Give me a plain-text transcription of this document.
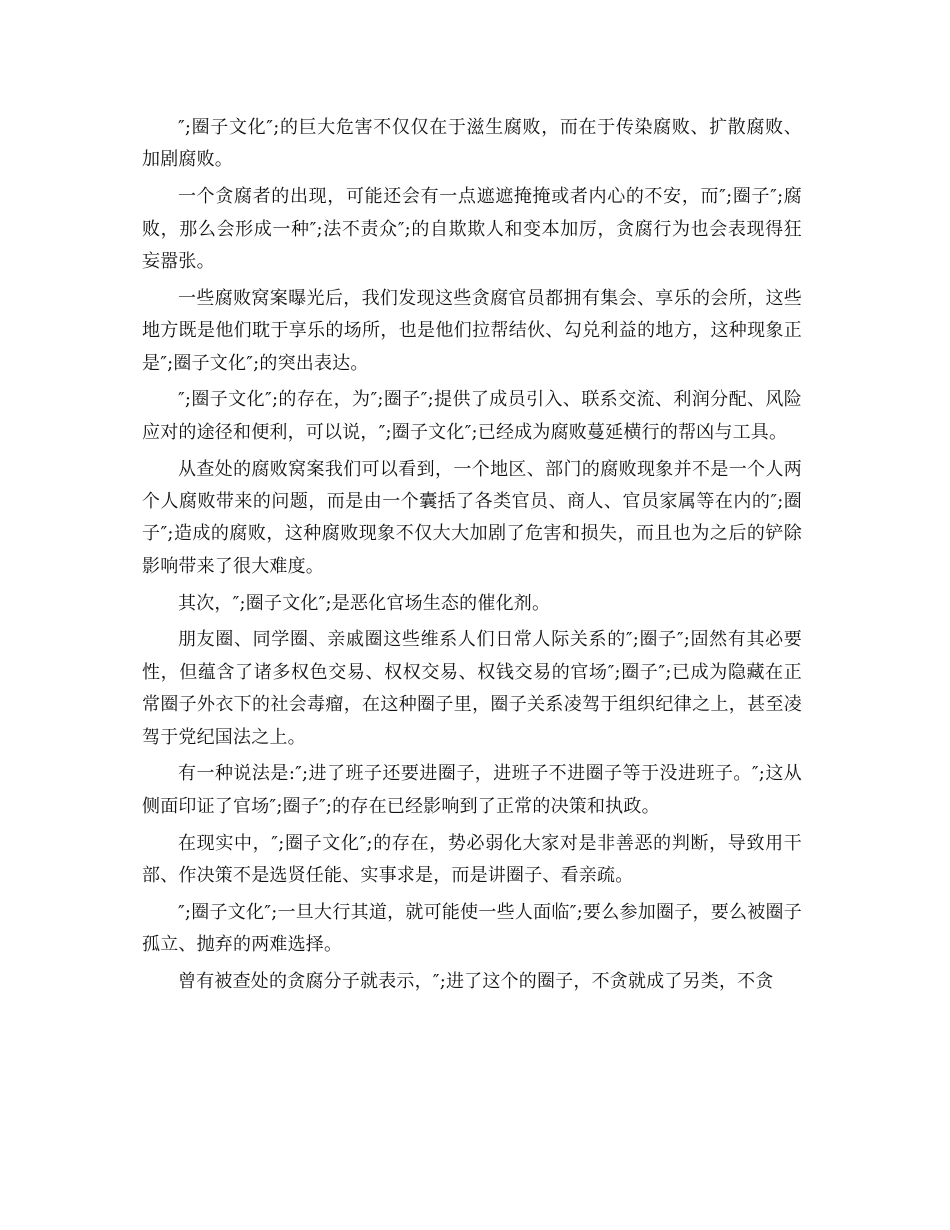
″;圈子文化″;的巨大危害不仅仅在于滋生腐败，而在于传染腐败、扩散腐败、加剧腐败。

一个贪腐者的出现，可能还会有一点遮遮掩掩或者内心的不安，而″;圈子″;腐败，那么会形成一种″;法不责众″;的自欺欺人和变本加厉，贪腐行为也会表现得狂妄嚣张。

一些腐败窝案曝光后，我们发现这些贪腐官员都拥有集会、享乐的会所，这些地方既是他们耽于享乐的场所，也是他们拉帮结伙、勾兑利益的地方，这种现象正是″;圈子文化″;的突出表达。

″;圈子文化″;的存在，为″;圈子″;提供了成员引入、联系交流、利润分配、风险应对的途径和便利，可以说，″;圈子文化″;已经成为腐败蔓延横行的帮凶与工具。

从查处的腐败窝案我们可以看到，一个地区、部门的腐败现象并不是一个人两个人腐败带来的问题，而是由一个囊括了各类官员、商人、官员家属等在内的″;圈子″;造成的腐败，这种腐败现象不仅大大加剧了危害和损失，而且也为之后的铲除影响带来了很大难度。

其次，″;圈子文化″;是恶化官场生态的催化剂。

朋友圈、同学圈、亲戚圈这些维系人们日常人际关系的″;圈子″;固然有其必要性，但蕴含了诸多权色交易、权权交易、权钱交易的官场″;圈子″;已成为隐藏在正常圈子外衣下的社会毒瘤，在这种圈子里，圈子关系凌驾于组织纪律之上，甚至凌驾于党纪国法之上。

有一种说法是:″;进了班子还要进圈子，进班子不进圈子等于没进班子。″;这从侧面印证了官场″;圈子″;的存在已经影响到了正常的决策和执政。

在现实中，″;圈子文化″;的存在，势必弱化大家对是非善恶的判断，导致用干部、作决策不是选贤任能、实事求是，而是讲圈子、看亲疏。

″;圈子文化″;一旦大行其道，就可能使一些人面临″;要么参加圈子，要么被圈子孤立、抛弃的两难选择。

曾有被查处的贪腐分子就表示，″;进了这个的圈子，不贪就成了另类，不贪
